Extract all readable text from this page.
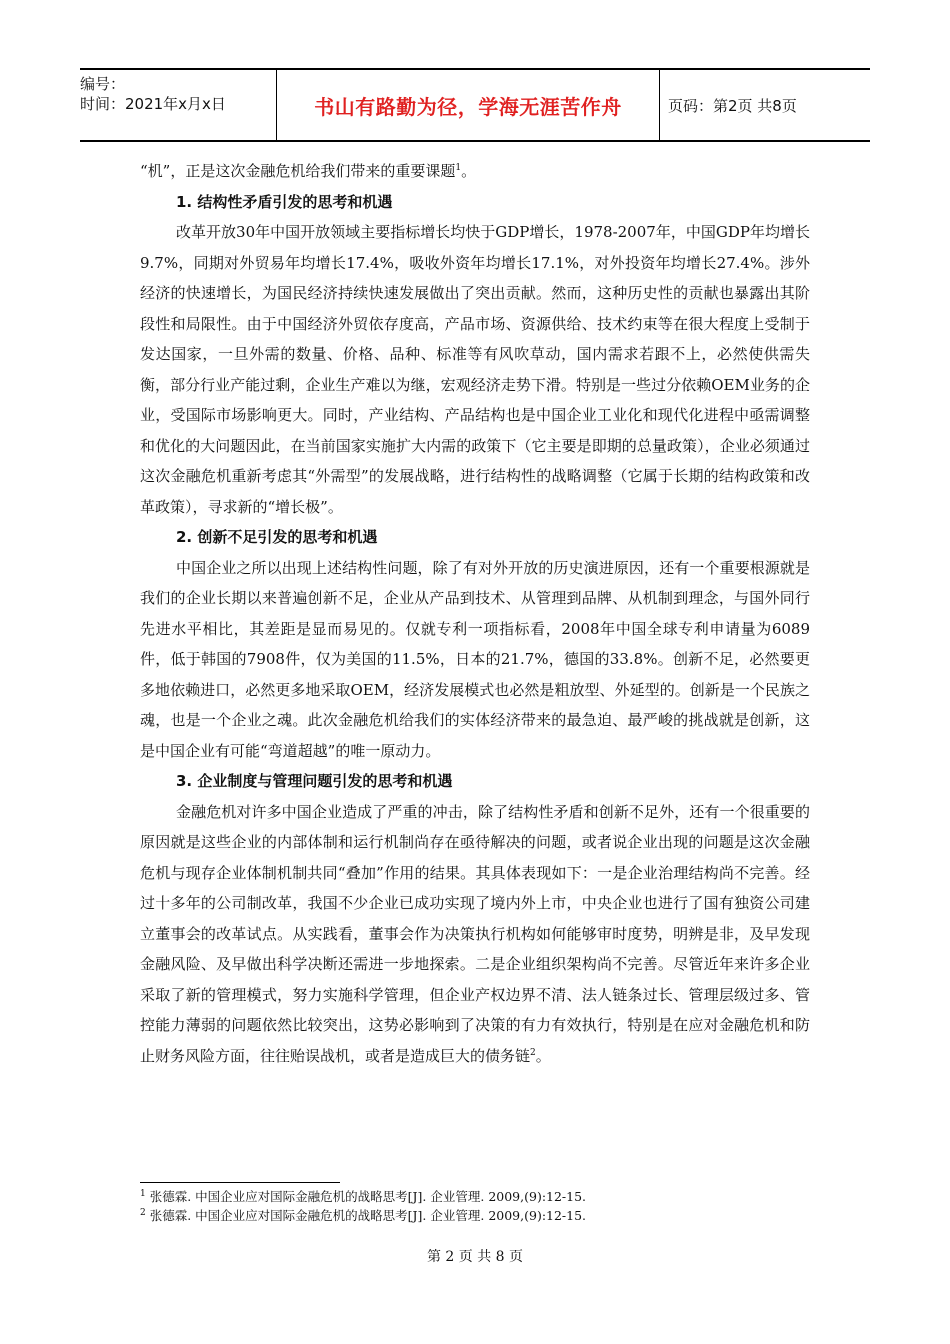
编号：
时间：2021年x月x日	书山有路勤为径，学海无涯苦作舟	页码：第2页 共8页

“机”，正是这次金融危机给我们带来的重要课题$^1$。

1. 结构性矛盾引发的思考和机遇

改革开放30年中国开放领域主要指标增长均快于GDP增长，1978-2007年，中国GDP年均增长9.7%，同期对外贸易年均增长17.4%，吸收外资年均增长17.1%，对外投资年均增长27.4%。涉外经济的快速增长，为国民经济持续快速发展做出了突出贡献。然而，这种历史性的贡献也暴露出其阶段性和局限性。由于中国经济外贸依存度高，产品市场、资源供给、技术约束等在很大程度上受制于发达国家，一旦外需的数量、价格、品种、标准等有风吹草动，国内需求若跟不上，必然使供需失衡，部分行业产能过剩，企业生产难以为继，宏观经济走势下滑。特别是一些过分依赖OEM业务的企业，受国际市场影响更大。同时，产业结构、产品结构也是中国企业工业化和现代化进程中亟需调整和优化的大问题因此，在当前国家实施扩大内需的政策下（它主要是即期的总量政策），企业必须通过这次金融危机重新考虑其“外需型”的发展战略，进行结构性的战略调整（它属于长期的结构政策和改革政策），寻求新的“增长极”。

2. 创新不足引发的思考和机遇

中国企业之所以出现上述结构性问题，除了有对外开放的历史演进原因，还有一个重要根源就是我们的企业长期以来普遍创新不足，企业从产品到技术、从管理到品牌、从机制到理念，与国外同行先进水平相比，其差距是显而易见的。仅就专利一项指标看，2008年中国全球专利申请量为6089件，低于韩国的7908件，仅为美国的11.5%，日本的21.7%，德国的33.8%。创新不足，必然要更多地依赖进口，必然更多地采取OEM，经济发展模式也必然是粗放型、外延型的。创新是一个民族之魂，也是一个企业之魂。此次金融危机给我们的实体经济带来的最急迫、最严峻的挑战就是创新，这是中国企业有可能“弯道超越”的唯一原动力。

3. 企业制度与管理问题引发的思考和机遇

金融危机对许多中国企业造成了严重的冲击，除了结构性矛盾和创新不足外，还有一个很重要的原因就是这些企业的内部体制和运行机制尚存在亟待解决的问题，或者说企业出现的问题是这次金融危机与现存企业体制机制共同“叠加”作用的结果。其具体表现如下：一是企业治理结构尚不完善。经过十多年的公司制改革，我国不少企业已成功实现了境内外上市，中央企业也进行了国有独资公司建立董事会的改革试点。从实践看，董事会作为决策执行机构如何能够审时度势，明辨是非，及早发现金融风险、及早做出科学决断还需进一步地探索。二是企业组织架构尚不完善。尽管近年来许多企业采取了新的管理模式，努力实施科学管理，但企业产权边界不清、法人链条过长、管理层级过多、管控能力薄弱的问题依然比较突出，这势必影响到了决策的有力有效执行，特别是在应对金融危机和防止财务风险方面，往往贻误战机，或者是造成巨大的债务链$^2$。

$^1$ 张德霖. 中国企业应对国际金融危机的战略思考[J]. 企业管理. 2009,(9):12-15.
$^2$ 张德霖. 中国企业应对国际金融危机的战略思考[J]. 企业管理. 2009,(9):12-15.
第 2 页 共 8 页
